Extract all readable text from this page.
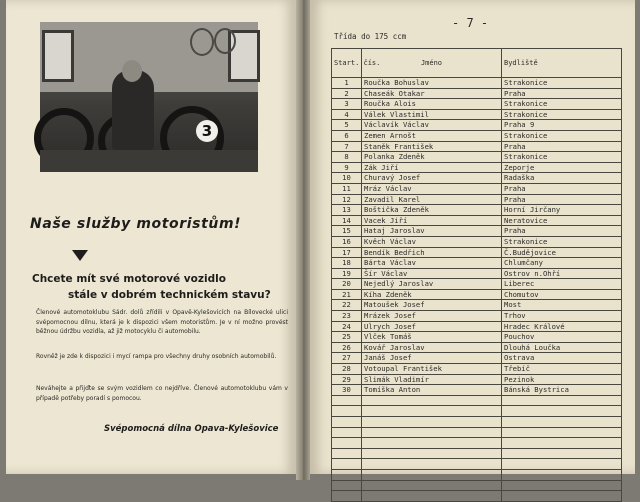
3
Naše služby motoristům!
Chcete mít své motorové vozidlo
stále v dobrém technickém stavu?

Členové automotoklubu Sádr. dolů zřídili v Opavě-Kylešovicích na Bílovecké ulici svépomocnou dílnu, která je k dispozici všem motoristům. Je v ní možno provést běžnou údržbu vozidla, až již motocyklu či automobilu.

Rovněž je zde k dispozici i mycí rampa pro všechny druhy osobních automobilů.

Neváhejte a přijďte se svým vozidlem co nejdříve. Členové automotoklubu vám v případě potřeby poradí s pomocou.

Svépomocná dílna Opava-Kylešovice
- 7 -
Třída do 175 ccm
Start. čís.	Jméno	Bydliště
1	Roučka Bohuslav	Strakonice
2	Chaseák Otakar	Praha
3	Roučka Alois	Strakonice
4	Válek Vlastimil	Strakonice
5	Václavík Václav	Praha 9
6	Zemen Arnošt	Strakonice
7	Staněk František	Praha
8	Polanka Zdeněk	Strakonice
9	Zák Jiří	Zeporje
10	Churavý Josef	Radaška
11	Mráz Václav	Praha
12	Zavadil Karel	Praha
13	Boštička Zdeněk	Horní Jirčany
14	Vacek Jiří	Neratovice
15	Hataj Jaroslav	Praha
16	Kvěch Václav	Strakonice
17	Bendík Bedřich	Č.Budějovice
18	Bárta Václav	Chlumčany
19	Šír Václav	Ostrov n.Ohří
20	Nejedlý Jaroslav	Liberec
21	Kíha Zdeněk	Chomutov
22	Matoušek Josef	Most
23	Mrázek Josef	Trhov
24	Ulrych Josef	Hradec Králové
25	Vlček Tomáš	Pouchov
26	Kovář Jaroslav	Dlouhá Loučka
27	Janáš Josef	Ostrava
28	Votoupal František	Třebíč
29	Slimák Vladimír	Pezinok
30	Tomíška Anton	Bánská Bystrica
